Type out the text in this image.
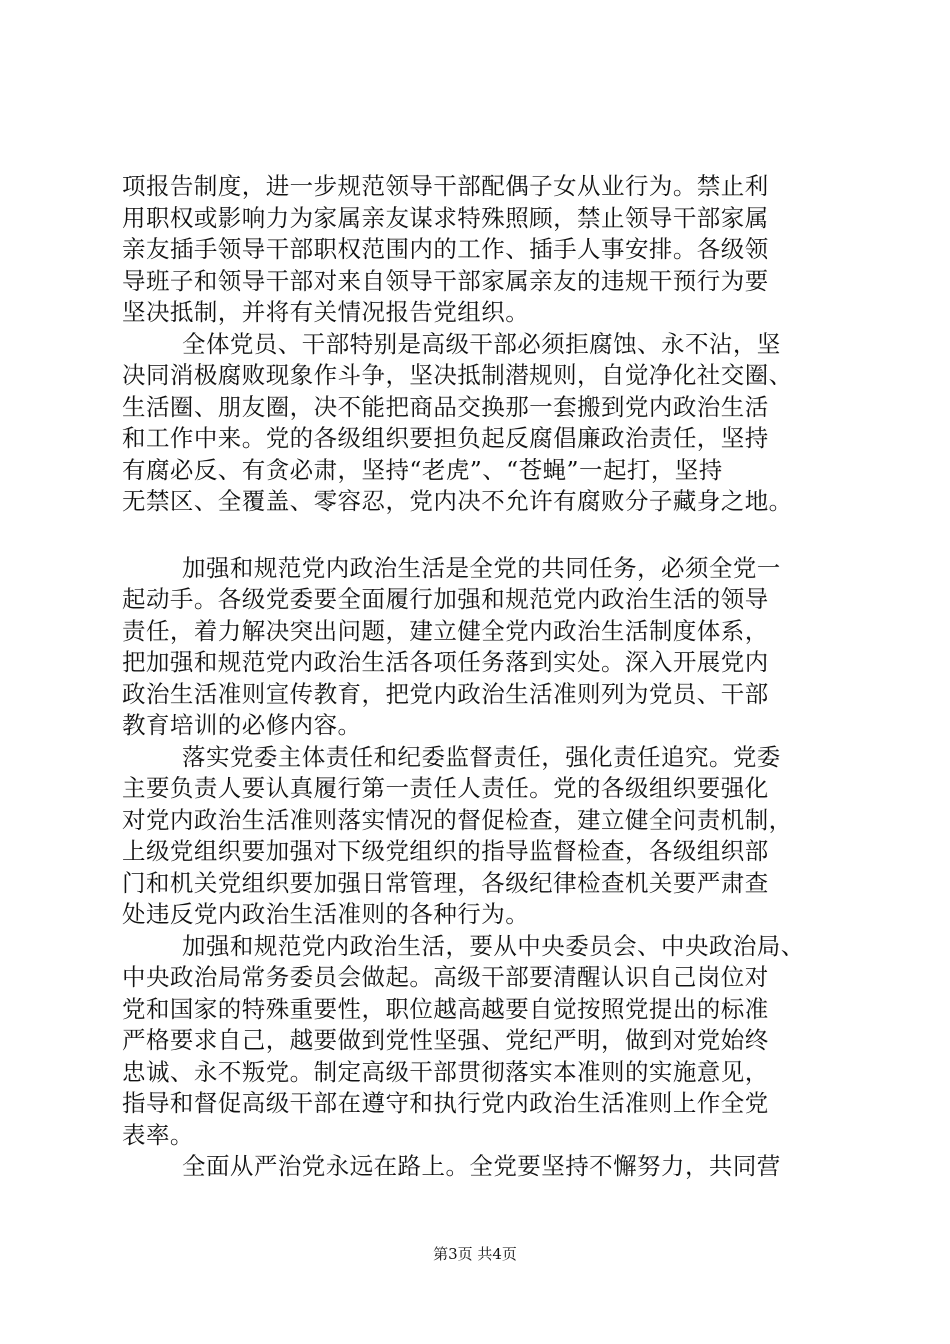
项报告制度，进一步规范领导干部配偶子女从业行为。禁止利
用职权或影响力为家属亲友谋求特殊照顾，禁止领导干部家属
亲友插手领导干部职权范围内的工作、插手人事安排。各级领
导班子和领导干部对来自领导干部家属亲友的违规干预行为要
坚决抵制，并将有关情况报告党组织。
全体党员、干部特别是高级干部必须拒腐蚀、永不沾，坚
决同消极腐败现象作斗争，坚决抵制潜规则，自觉净化社交圈、
生活圈、朋友圈，决不能把商品交换那一套搬到党内政治生活
和工作中来。党的各级组织要担负起反腐倡廉政治责任，坚持
有腐必反、有贪必肃，坚持“老虎”、“苍蝇”一起打，坚持
无禁区、全覆盖、零容忍，党内决不允许有腐败分子藏身之地。
加强和规范党内政治生活是全党的共同任务，必须全党一
起动手。各级党委要全面履行加强和规范党内政治生活的领导
责任，着力解决突出问题，建立健全党内政治生活制度体系，
把加强和规范党内政治生活各项任务落到实处。深入开展党内
政治生活准则宣传教育，把党内政治生活准则列为党员、干部
教育培训的必修内容。
落实党委主体责任和纪委监督责任，强化责任追究。党委
主要负责人要认真履行第一责任人责任。党的各级组织要强化
对党内政治生活准则落实情况的督促检查，建立健全问责机制，
上级党组织要加强对下级党组织的指导监督检查，各级组织部
门和机关党组织要加强日常管理，各级纪律检查机关要严肃查
处违反党内政治生活准则的各种行为。
加强和规范党内政治生活，要从中央委员会、中央政治局、
中央政治局常务委员会做起。高级干部要清醒认识自己岗位对
党和国家的特殊重要性，职位越高越要自觉按照党提出的标准
严格要求自己，越要做到党性坚强、党纪严明，做到对党始终
忠诚、永不叛党。制定高级干部贯彻落实本准则的实施意见，
指导和督促高级干部在遵守和执行党内政治生活准则上作全党
表率。
全面从严治党永远在路上。全党要坚持不懈努力，共同营
第3页 共4页
